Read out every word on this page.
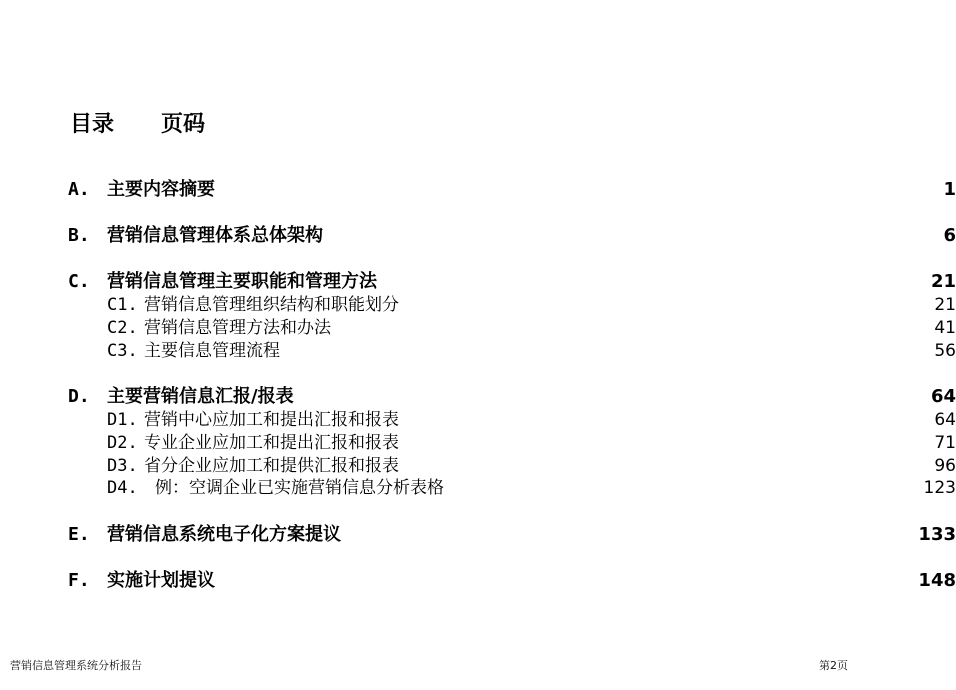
目录 页码
A. 主要内容摘要	1
B. 营销信息管理体系总体架构	6
C. 营销信息管理主要职能和管理方法	21
C1. 营销信息管理组织结构和职能划分	21
C2. 营销信息管理方法和办法	41
C3. 主要信息管理流程	56
D. 主要营销信息汇报/报表	64
D1. 营销中心应加工和提出汇报和报表	64
D2. 专业企业应加工和提出汇报和报表	71
D3. 省分企业应加工和提供汇报和报表	96
D4. 例：空调企业已实施营销信息分析表格	123
E. 营销信息系统电子化方案提议	133
F. 实施计划提议	148
营销信息管理系统分析报告	第2页
